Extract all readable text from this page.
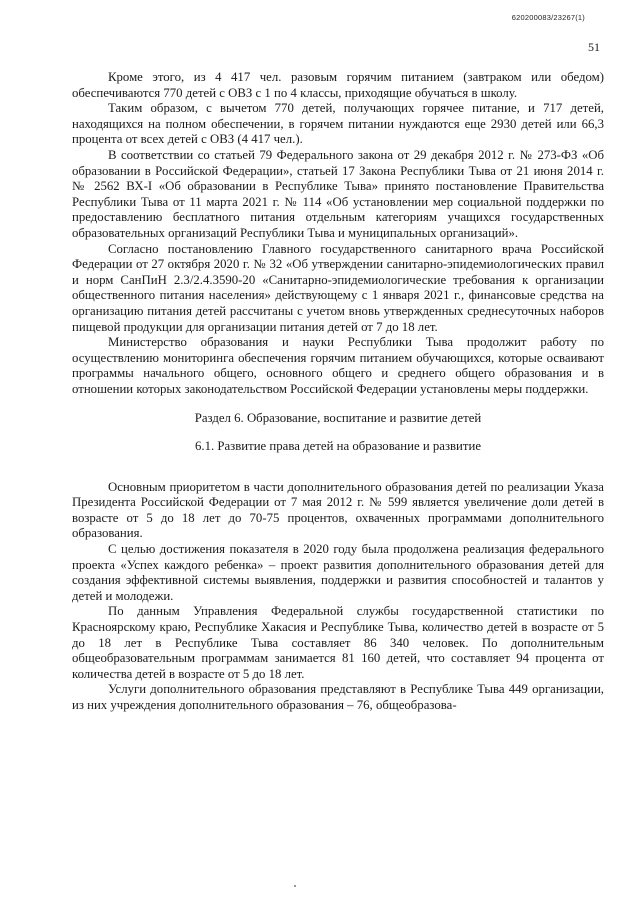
620200083/23267(1)
51

Кроме этого, из 4 417 чел. разовым горячим питанием (завтраком или обедом) обеспечиваются 770 детей с ОВЗ с 1 по 4 классы, приходящие обучаться в школу.

Таким образом, с вычетом 770 детей, получающих горячее питание, и 717 детей, находящихся на полном обеспечении, в горячем питании нуждаются еще 2930 детей или 66,3 процента от всех детей с ОВЗ (4 417 чел.).

В соответствии со статьей 79 Федерального закона от 29 декабря 2012 г. № 273-ФЗ «Об образовании в Российской Федерации», статьей 17 Закона Республики Тыва от 21 июня 2014 г. № 2562 ВХ-I «Об образовании в Республике Тыва» принято постановление Правительства Республики Тыва от 11 марта 2021 г. № 114 «Об установлении мер социальной поддержки по предоставлению бесплатного питания отдельным категориям учащихся государственных образовательных организаций Республики Тыва и муниципальных организаций».

Согласно постановлению Главного государственного санитарного врача Российской Федерации от 27 октября 2020 г. № 32 «Об утверждении санитарно-эпидемиологических правил и норм СанПиН 2.3/2.4.3590-20 «Санитарно-эпидемиологические требования к организации общественного питания населения» действующему с 1 января 2021 г., финансовые средства на организацию питания детей рассчитаны с учетом вновь утвержденных среднесуточных наборов пищевой продукции для организации питания детей от 7 до 18 лет.

Министерство образования и науки Республики Тыва продолжит работу по осуществлению мониторинга обеспечения горячим питанием обучающихся, которые осваивают программы начального общего, основного общего и среднего общего образования и в отношении которых законодательством Российской Федерации установлены меры поддержки.

Раздел 6. Образование, воспитание и развитие детей

6.1. Развитие права детей на образование и развитие

Основным приоритетом в части дополнительного образования детей по реализации Указа Президента Российской Федерации от 7 мая 2012 г. № 599 является увеличение доли детей в возрасте от 5 до 18 лет до 70-75 процентов, охваченных программами дополнительного образования.

С целью достижения показателя в 2020 году была продолжена реализация федерального проекта «Успех каждого ребенка» – проект развития дополнительного образования детей для создания эффективной системы выявления, поддержки и развития способностей и талантов у детей и молодежи.

По данным Управления Федеральной службы государственной статистики по Красноярскому краю, Республике Хакасия и Республике Тыва, количество детей в возрасте от 5 до 18 лет в Республике Тыва составляет 86 340 человек. По дополнительным общеобразовательным программам занимается 81 160 детей, что составляет 94 процента от количества детей в возрасте от 5 до 18 лет.

Услуги дополнительного образования представляют в Республике Тыва 449 организации, из них учреждения дополнительного образования – 76, общеобразова-
